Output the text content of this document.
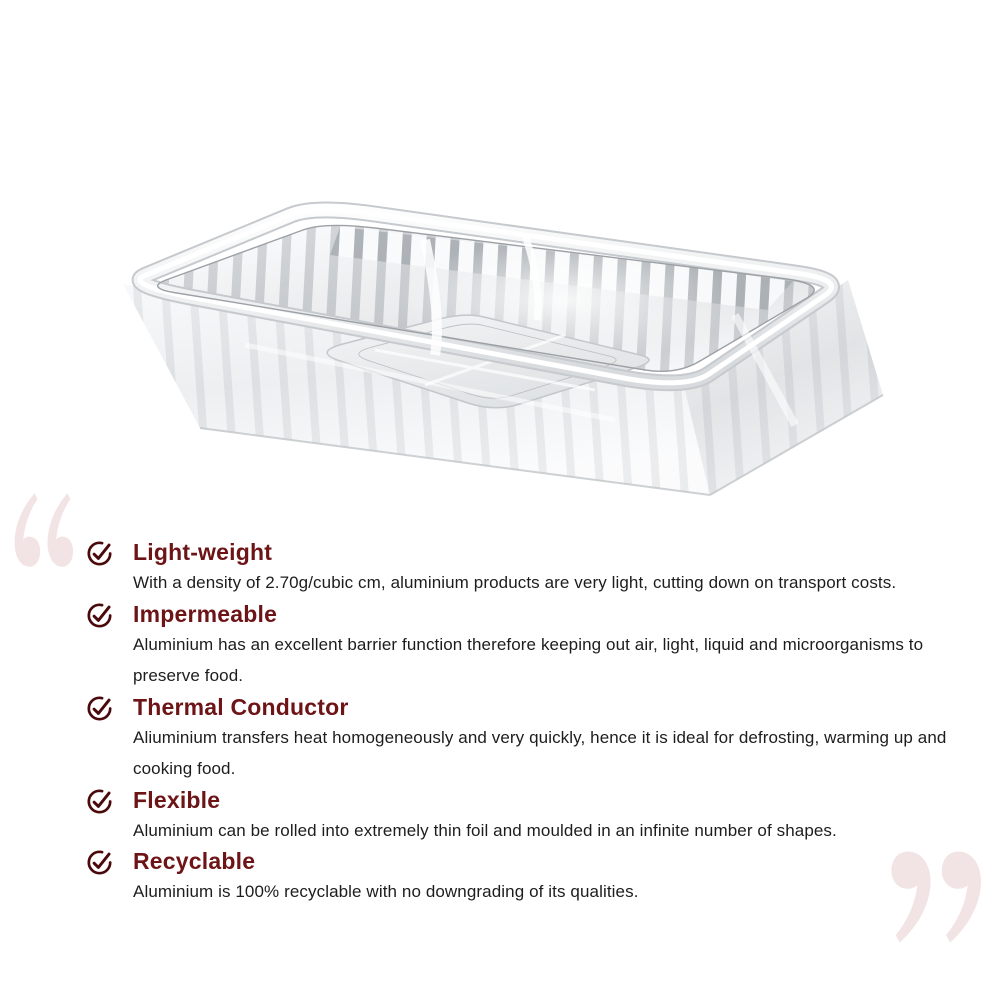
Light-weight
With a density of 2.70g/cubic cm, aluminium products are very light, cutting down on transport costs.
Impermeable
Aluminium has an excellent barrier function therefore keeping out air, light, liquid and microorganisms to preserve food.
Thermal Conductor
Aliuminium transfers heat homogeneously and very quickly, hence it is ideal for defrosting, warming up and cooking food.
Flexible
Aluminium can be rolled into extremely thin foil and moulded in an infinite number of shapes.
Recyclable
Aluminium is 100% recyclable with no downgrading of its qualities.
